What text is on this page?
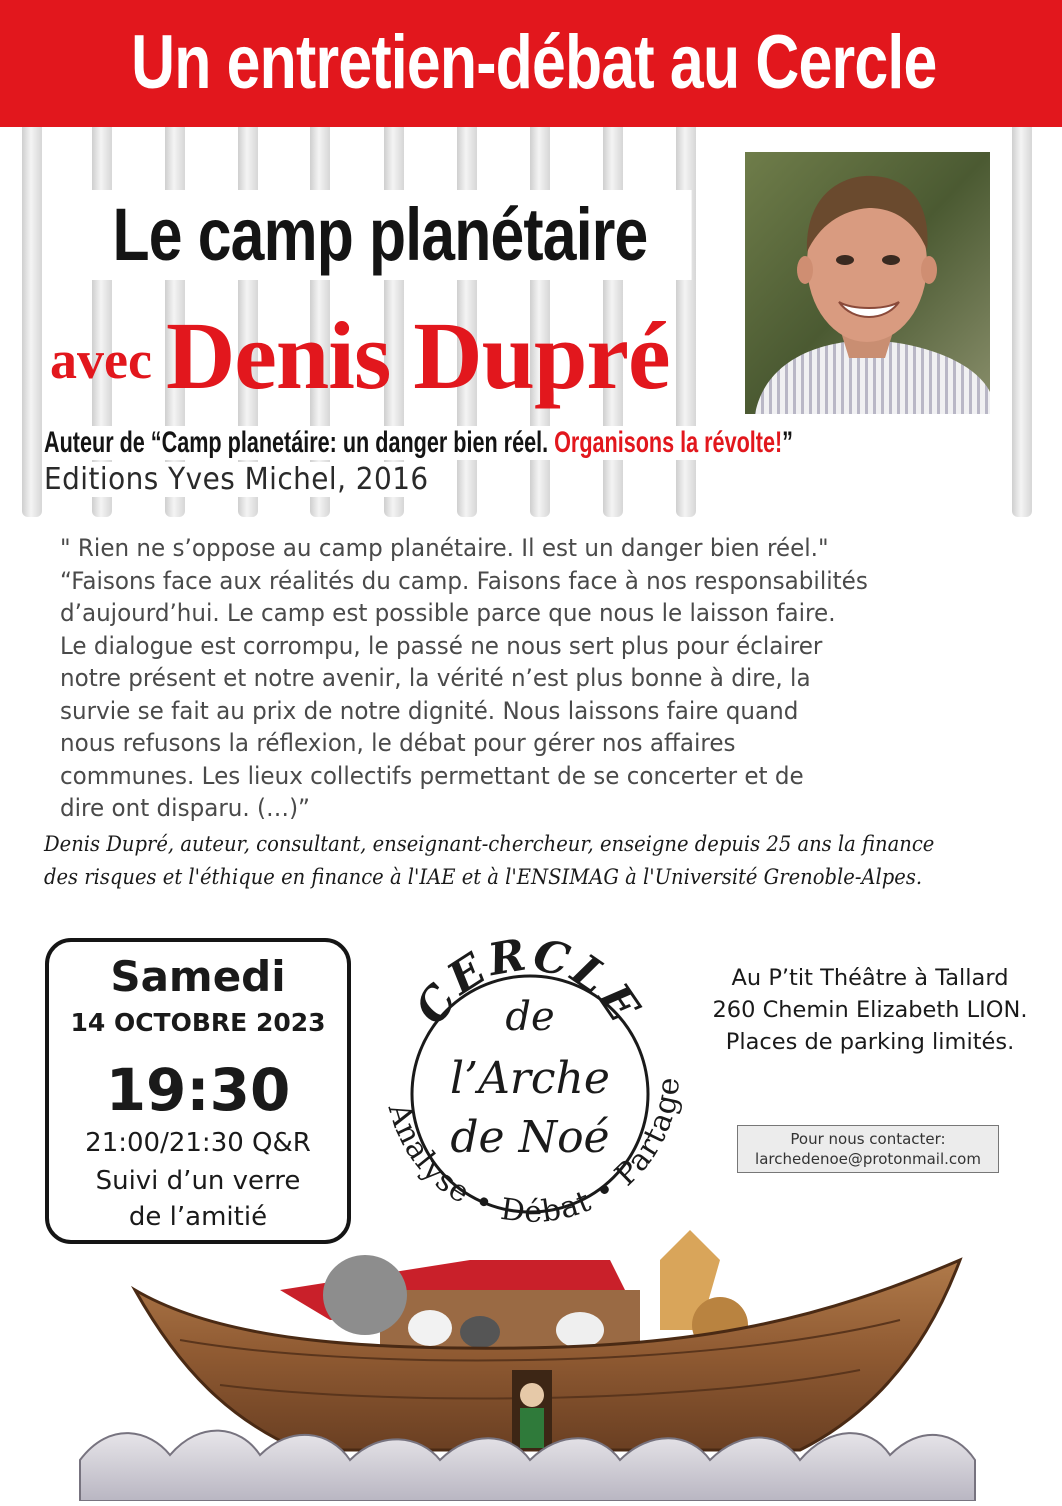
Un entretien-débat au Cercle
Le camp planétaire
avec Denis Dupré
Auteur de “Camp planetáire: un danger bien réel. Organisons la révolte!”
Editions Yves Michel, 2016

" Rien ne s’oppose au camp planétaire. Il est un danger bien réel."
“Faisons face aux réalités du camp. Faisons face à nos responsabilités
d’aujourd’hui. Le camp est possible parce que nous le laisson faire.
Le dialogue est corrompu, le passé ne nous sert plus pour éclairer
notre présent et notre avenir, la vérité n’est plus bonne à dire, la
survie se fait au prix de notre dignité. Nous laissons faire quand
nous refusons la réflexion, le débat pour gérer nos affaires
communes. Les lieux collectifs permettant de se concerter et de
dire ont disparu. (…)”

Denis Dupré, auteur, consultant, enseignant-chercheur, enseigne depuis 25 ans la finance
des risques et l'éthique en finance à l'IAE et à l'ENSIMAG à l'Université Grenoble-Alpes.

Samedi
14 OCTOBRE 2023
19:30
21:00/21:30 Q&R
Suivi d’un verre
de l’amitié
CERCLE
de
l’Arche
de Noé
Analyse • Débat • Partage
Au P’tit Théâtre à Tallard
260 Chemin Elizabeth LION.
Places de parking limités.
Pour nous contacter:
larchedenoe@protonmail.com
